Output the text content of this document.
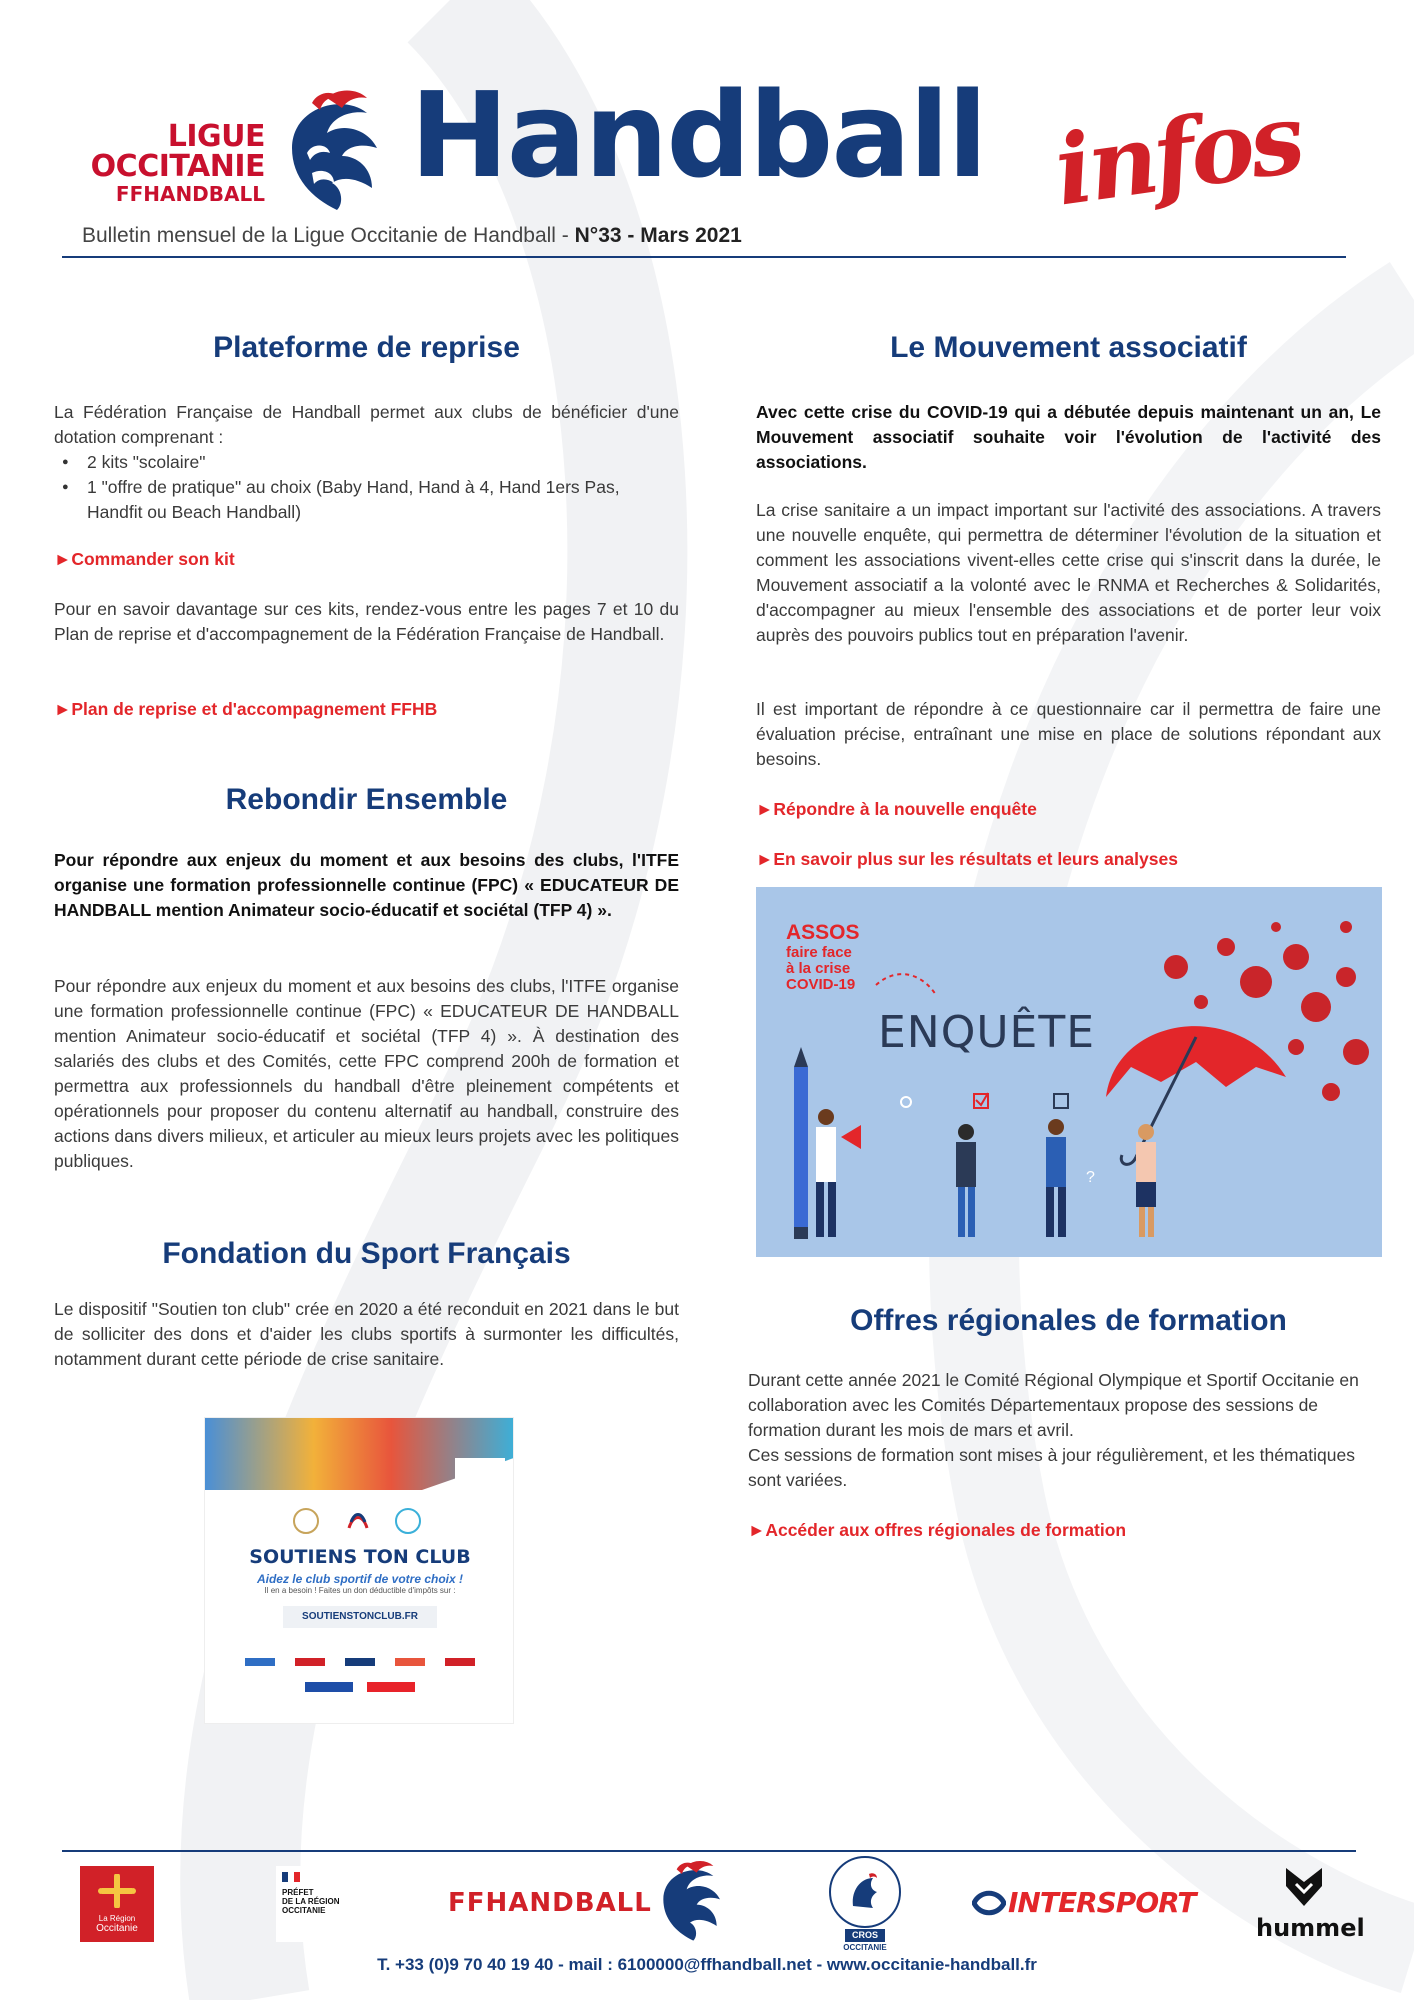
LIGUE
OCCITANIE
FFHANDBALL Handball infos
Bulletin mensuel de la Ligue Occitanie de Handball - N°33 - Mars 2021
Plateforme de reprise
La Fédération Française de Handball permet aux clubs de bénéficier d'une dotation comprenant :
● 2 kits "scolaire"
● 1 "offre de pratique" au choix (Baby Hand, Hand à 4, Hand 1ers Pas, Handfit ou Beach Handball)
►Commander son kit
Pour en savoir davantage sur ces kits, rendez-vous entre les pages 7 et 10 du Plan de reprise et d'accompagnement de la Fédération Française de Handball.
►Plan de reprise et d'accompagnement FFHB
Rebondir Ensemble
Pour répondre aux enjeux du moment et aux besoins des clubs, l'ITFE organise une formation professionnelle continue (FPC) « EDUCATEUR DE HANDBALL mention Animateur socio-éducatif et sociétal (TFP 4) ».
Pour répondre aux enjeux du moment et aux besoins des clubs, l'ITFE organise une formation professionnelle continue (FPC) « EDUCATEUR DE HANDBALL mention Animateur socio-éducatif et sociétal (TFP 4) ». À destination des salariés des clubs et des Comités, cette FPC comprend 200h de formation et permettra aux professionnels du handball d'être pleinement compétents et opérationnels pour proposer du contenu alternatif au handball, construire des actions dans divers milieux, et articuler au mieux leurs projets avec les politiques publiques.
Fondation du Sport Français
Le dispositif "Soutien ton club" crée en 2020 a été reconduit en 2021 dans le but de solliciter des dons et d'aider les clubs sportifs à surmonter les difficultés, notamment durant cette période de crise sanitaire.
SOUTIENS TON CLUB
Aidez le club sportif de votre choix !
Il en a besoin ! Faites un don déductible d'impôts sur :
SOUTIENSTONCLUB.FR
Le Mouvement associatif
Avec cette crise du COVID-19 qui a débutée depuis maintenant un an, Le Mouvement associatif souhaite voir l'évolution de l'activité des associations.
La crise sanitaire a un impact important sur l'activité des associations. A travers une nouvelle enquête, qui permettra de déterminer l'évolution de la situation et comment les associations vivent-elles cette crise qui s'inscrit dans la durée, le Mouvement associatif a la volonté avec le RNMA et Recherches & Solidarités, d'accompagner au mieux l'ensemble des associations et de porter leur voix auprès des pouvoirs publics tout en préparation l'avenir.
Il est important de répondre à ce questionnaire car il permettra de faire une évaluation précise, entraînant une mise en place de solutions répondant aux besoins.
►Répondre à la nouvelle enquête
►En savoir plus sur les résultats et leurs analyses
Offres régionales de formation
Durant cette année 2021 le Comité Régional Olympique et Sportif Occitanie en collaboration avec les Comités Départementaux propose des sessions de formation durant les mois de mars et avril.
Ces sessions de formation sont mises à jour régulièrement, et les thématiques sont variées.
►Accéder aux offres régionales de formation
ASSOS
faire face
à la crise
COVID-19
ENQUÊTE
?
La Région
Occitanie
PRÉFET
DE LA RÉGION
OCCITANIE	FFHANDBALL
CROS
OCCITANIE
INTERSPORT
hummel
T. +33 (0)9 70 40 19 40 - mail : 6100000@ffhandball.net - www.occitanie-handball.fr
